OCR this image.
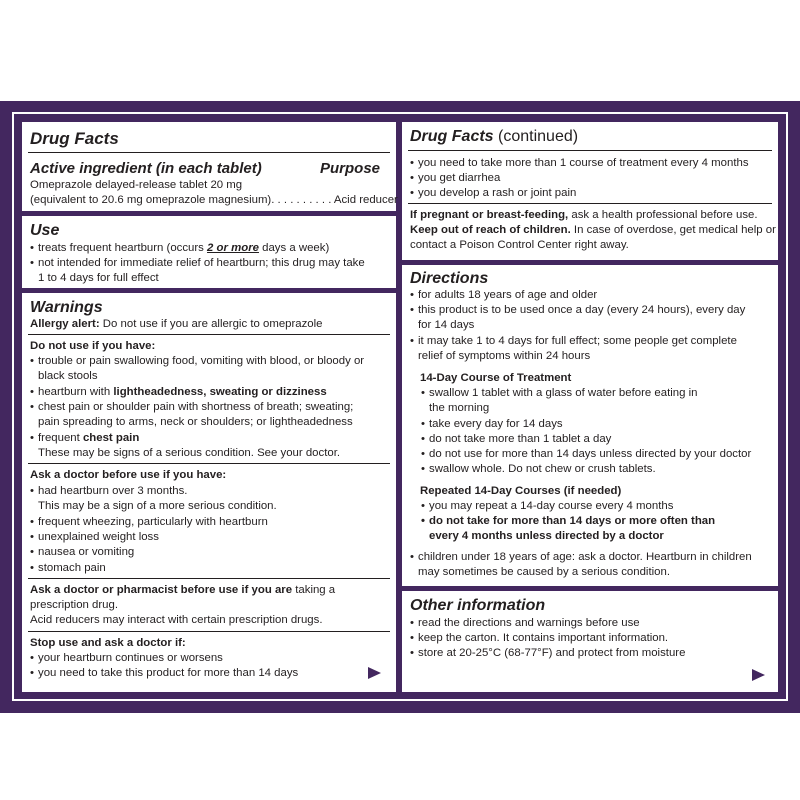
Drug Facts
Active ingredient (in each tablet)	Purpose
Omeprazole delayed-release tablet 20 mg
(equivalent to 20.6 mg omeprazole magnesium). . . . . . . . . . Acid reducer
Use
• treats frequent heartburn (occurs 2 or more days a week)
• not intended for immediate relief of heartburn; this drug may take
1 to 4 days for full effect
Warnings
Allergy alert: Do not use if you are allergic to omeprazole
Do not use if you have:
• trouble or pain swallowing food, vomiting with blood, or bloody or
black stools
• heartburn with lightheadedness, sweating or dizziness
• chest pain or shoulder pain with shortness of breath; sweating;
pain spreading to arms, neck or shoulders; or lightheadedness
• frequent chest pain
These may be signs of a serious condition. See your doctor.
Ask a doctor before use if you have:
• had heartburn over 3 months.
This may be a sign of a more serious condition.
• frequent wheezing, particularly with heartburn
• unexplained weight loss
• nausea or vomiting
• stomach pain
Ask a doctor or pharmacist before use if you are taking a
prescription drug.
Acid reducers may interact with certain prescription drugs.
Stop use and ask a doctor if:
• your heartburn continues or worsens
• you need to take this product for more than 14 days
Drug Facts (continued)
• you need to take more than 1 course of treatment every 4 months
• you get diarrhea
• you develop a rash or joint pain
If pregnant or breast-feeding, ask a health professional before use.
Keep out of reach of children. In case of overdose, get medical help or
contact a Poison Control Center right away.
Directions
• for adults 18 years of age and older
• this product is to be used once a day (every 24 hours), every day
for 14 days
• it may take 1 to 4 days for full effect; some people get complete
relief of symptoms within 24 hours
14-Day Course of Treatment
• swallow 1 tablet with a glass of water before eating in
the morning
• take every day for 14 days
• do not take more than 1 tablet a day
• do not use for more than 14 days unless directed by your doctor
• swallow whole. Do not chew or crush tablets.
Repeated 14-Day Courses (if needed)
• you may repeat a 14-day course every 4 months
• do not take for more than 14 days or more often than
every 4 months unless directed by a doctor
• children under 18 years of age: ask a doctor. Heartburn in children
may sometimes be caused by a serious condition.
Other information
• read the directions and warnings before use
• keep the carton. It contains important information.
• store at 20-25°C (68-77°F) and protect from moisture
